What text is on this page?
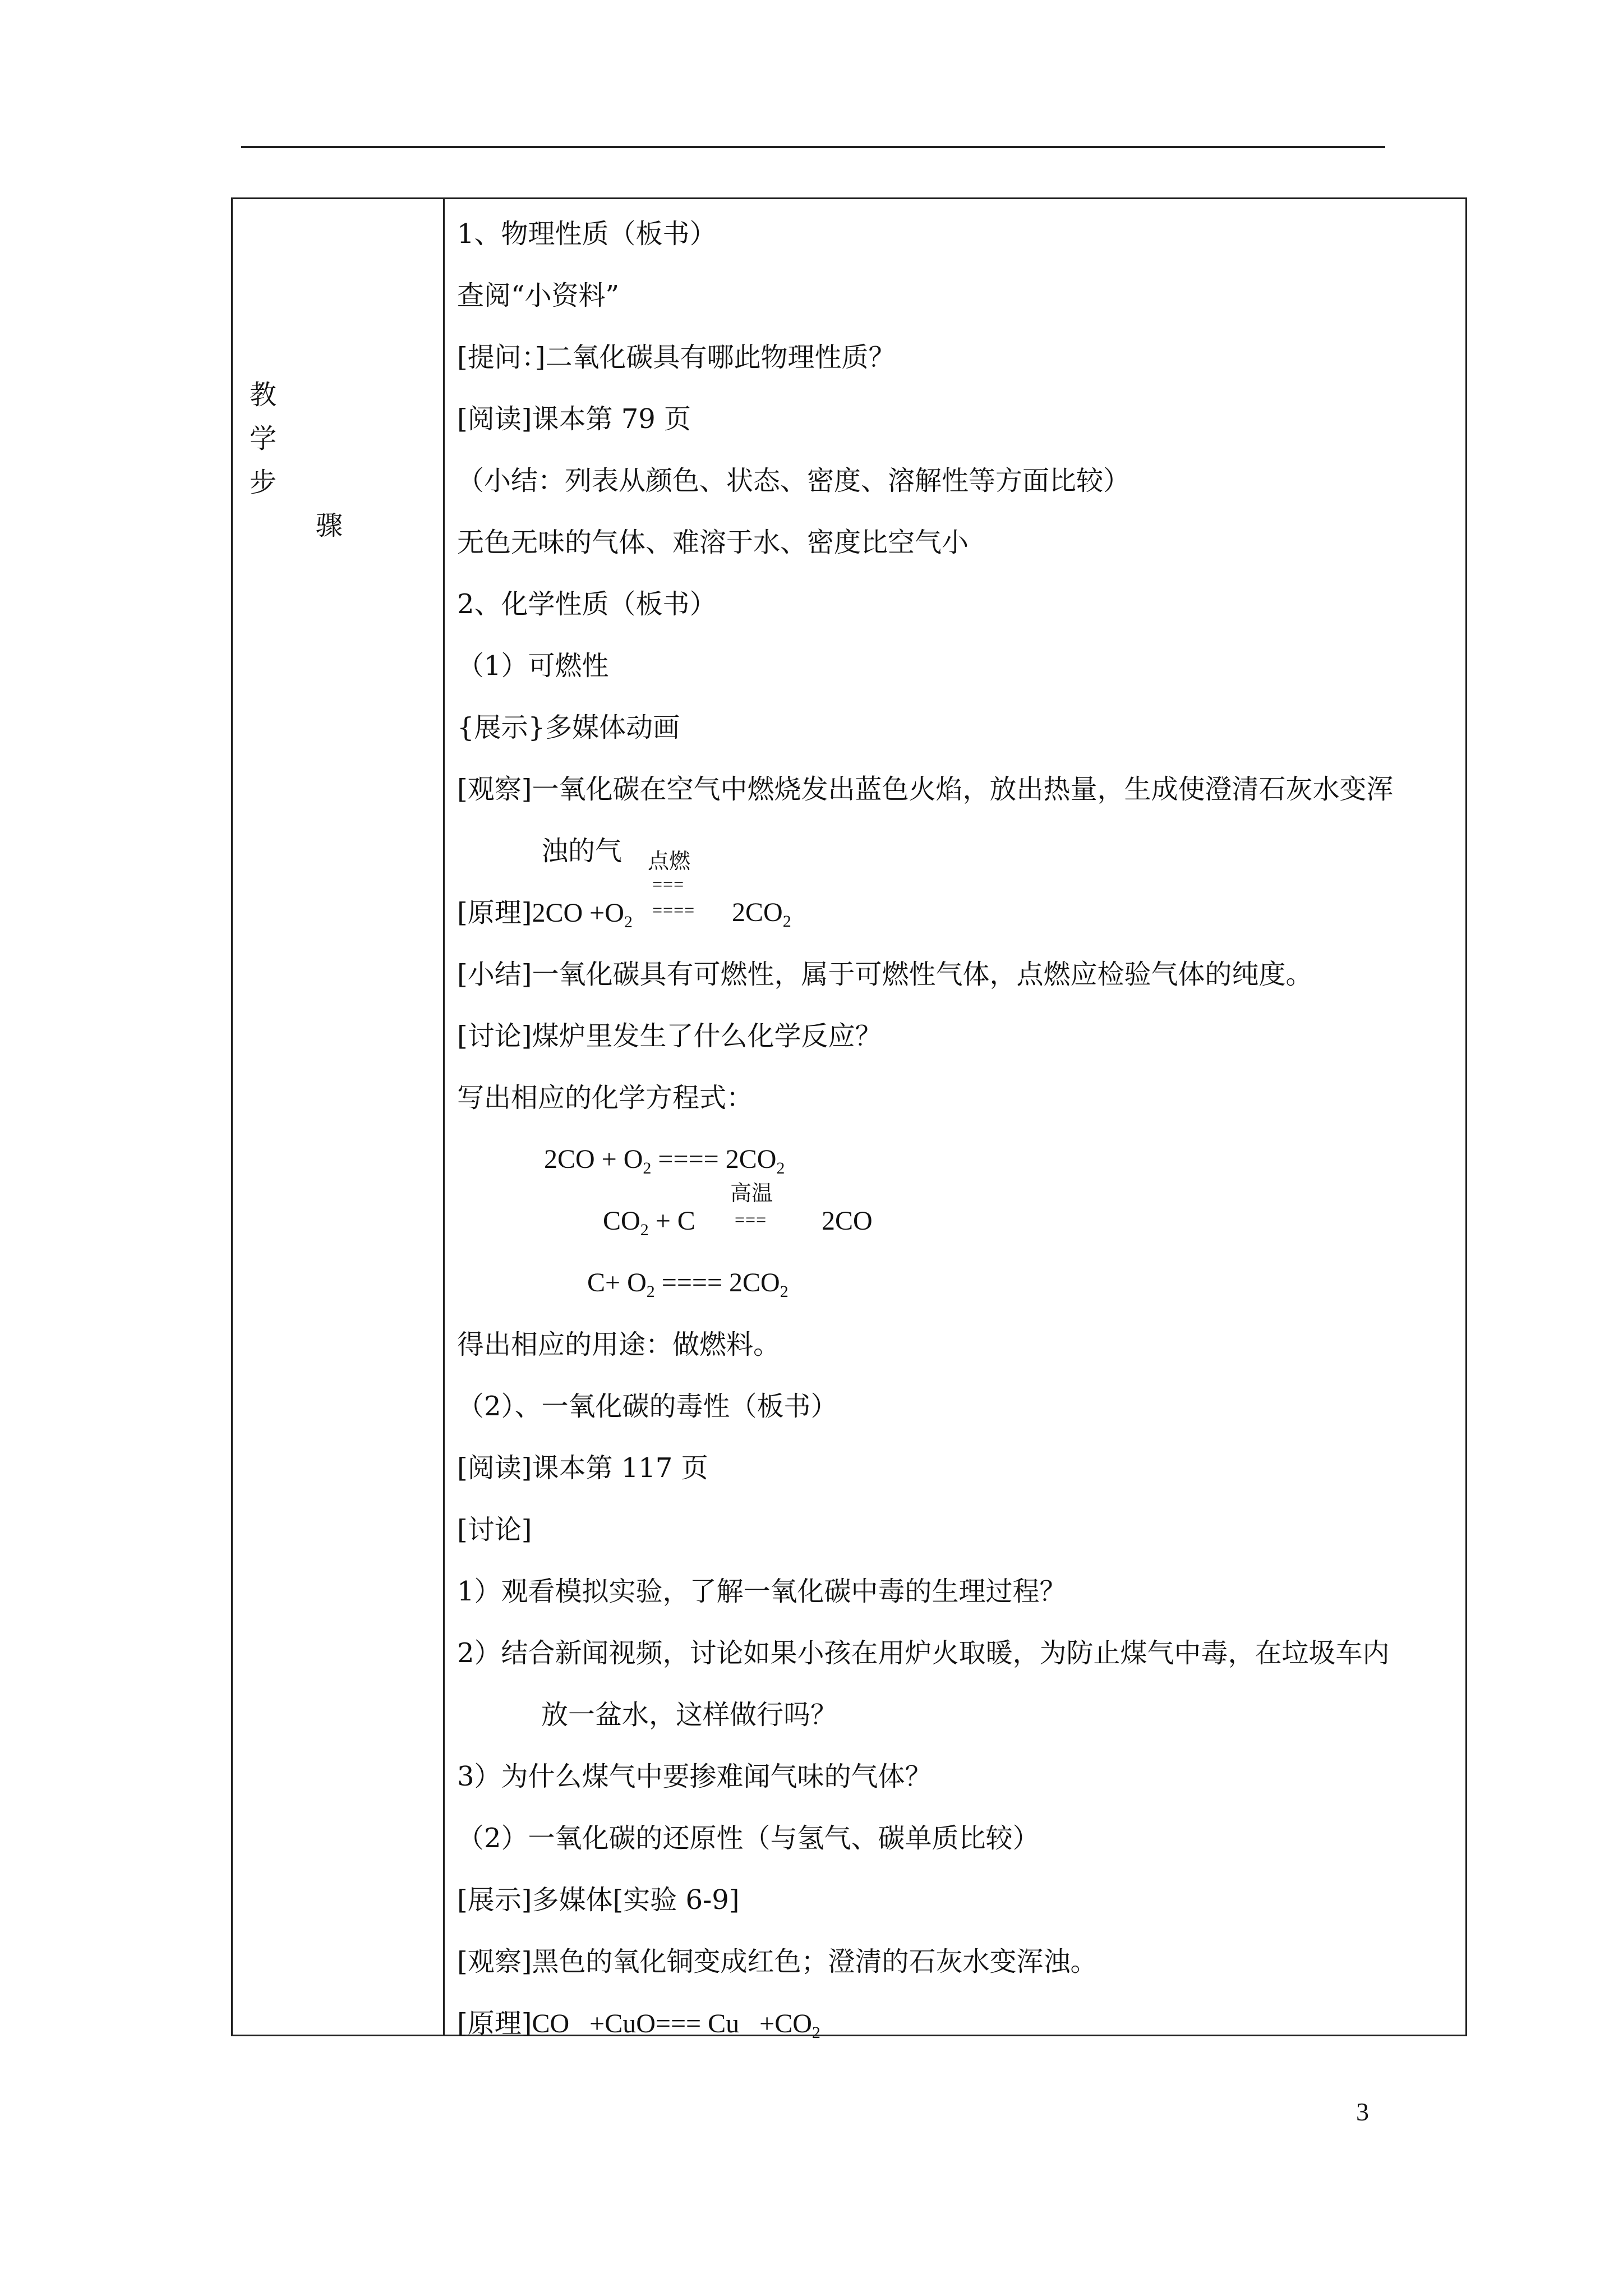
1、物理性质（板书）
查阅“小资料”
[提问：]二氧化碳具有哪此物理性质？
[阅读]课本第 79 页
（小结：列表从颜色、状态、密度、溶解性等方面比较）
无色无味的气体、难溶于水、密度比空气小
2、化学性质（板书）
（1）可燃性
{展示}多媒体动画
[观察]一氧化碳在空气中燃烧发出蓝色火焰，放出热量，生成使澄清石灰水变浑
浊的气
[原理]$2CO +O_2$
点燃
===
==== $2CO_2$
[小结]一氧化碳具有可燃性，属于可燃性气体，点燃应检验气体的纯度。
[讨论]煤炉里发生了什么化学反应？
写出相应的化学方程式：
$2CO + O_2$ ==== $2CO_2$
$CO_2 + C$
高温
=== 2CO
$C+ O_2$ ==== $2CO_2$
得出相应的用途：做燃料。
（2）、一氧化碳的毒性（板书）
[阅读]课本第 117 页
[讨论]
1）观看模拟实验，了解一氧化碳中毒的生理过程？
2）结合新闻视频，讨论如果小孩在用炉火取暖，为防止煤气中毒，在垃圾车内
放一盆水，这样做行吗？
3）为什么煤气中要掺难闻气味的气体？
（2）一氧化碳的还原性（与氢气、碳单质比较）
[展示]多媒体[实验 6-9]
[观察]黑色的氧化铜变成红色；澄清的石灰水变浑浊。
[原理]$CO +CuO=== Cu +CO_2$
教
学
步
骤
3
